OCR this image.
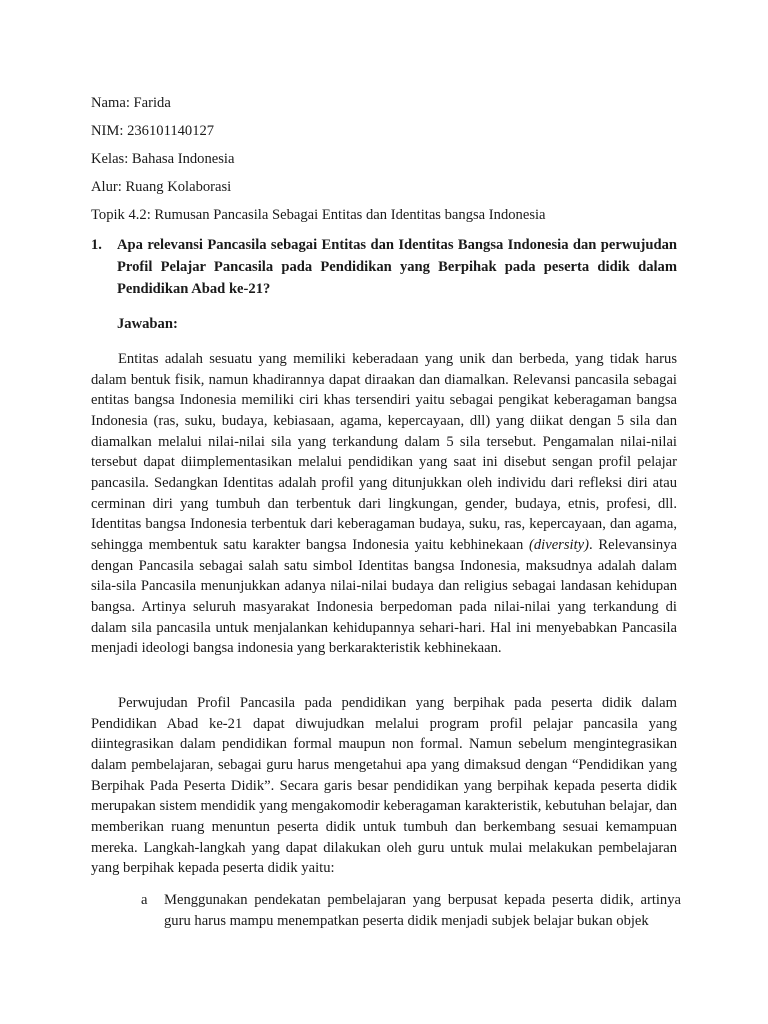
Nama: Farida
NIM: 236101140127
Kelas: Bahasa Indonesia
Alur: Ruang Kolaborasi
Topik 4.2: Rumusan Pancasila Sebagai Entitas dan Identitas bangsa Indonesia
1. Apa relevansi Pancasila sebagai Entitas dan Identitas Bangsa Indonesia dan perwujudan Profil Pelajar Pancasila pada Pendidikan yang Berpihak pada peserta didik dalam Pendidikan Abad ke-21?
Jawaban:
Entitas adalah sesuatu yang memiliki keberadaan yang unik dan berbeda, yang tidak harus dalam bentuk fisik, namun khadirannya dapat diraakan dan diamalkan. Relevansi pancasila sebagai entitas bangsa Indonesia memiliki ciri khas tersendiri yaitu sebagai pengikat keberagaman bangsa Indonesia (ras, suku, budaya, kebiasaan, agama, kepercayaan, dll) yang diikat dengan 5 sila dan diamalkan melalui nilai-nilai sila yang terkandung dalam 5 sila tersebut. Pengamalan nilai-nilai tersebut dapat diimplementasikan melalui pendidikan yang saat ini disebut sengan profil pelajar pancasila. Sedangkan Identitas adalah profil yang ditunjukkan oleh individu dari refleksi diri atau cerminan diri yang tumbuh dan terbentuk dari lingkungan, gender, budaya, etnis, profesi, dll. Identitas bangsa Indonesia terbentuk dari keberagaman budaya, suku, ras, kepercayaan, dan agama, sehingga membentuk satu karakter bangsa Indonesia yaitu kebhinekaan (diversity). Relevansinya dengan Pancasila sebagai salah satu simbol Identitas bangsa Indonesia, maksudnya adalah dalam sila-sila Pancasila menunjukkan adanya nilai-nilai budaya dan religius sebagai landasan kehidupan bangsa. Artinya seluruh masyarakat Indonesia berpedoman pada nilai-nilai yang terkandung di dalam sila pancasila untuk menjalankan kehidupannya sehari-hari. Hal ini menyebabkan Pancasila menjadi ideologi bangsa indonesia yang berkarakteristik kebhinekaan.
Perwujudan Profil Pancasila pada pendidikan yang berpihak pada peserta didik dalam Pendidikan Abad ke-21 dapat diwujudkan melalui program profil pelajar pancasila yang diintegrasikan dalam pendidikan formal maupun non formal. Namun sebelum mengintegrasikan dalam pembelajaran, sebagai guru harus mengetahui apa yang dimaksud dengan “Pendidikan yang Berpihak Pada Peserta Didik”. Secara garis besar pendidikan yang berpihak kepada peserta didik merupakan sistem mendidik yang mengakomodir keberagaman karakteristik, kebutuhan belajar, dan memberikan ruang menuntun peserta didik untuk tumbuh dan berkembang sesuai kemampuan mereka. Langkah-langkah yang dapat dilakukan oleh guru untuk mulai melakukan pembelajaran yang berpihak kepada peserta didik yaitu:
a Menggunakan pendekatan pembelajaran yang berpusat kepada peserta didik, artinya guru harus mampu menempatkan peserta didik menjadi subjek belajar bukan objek
